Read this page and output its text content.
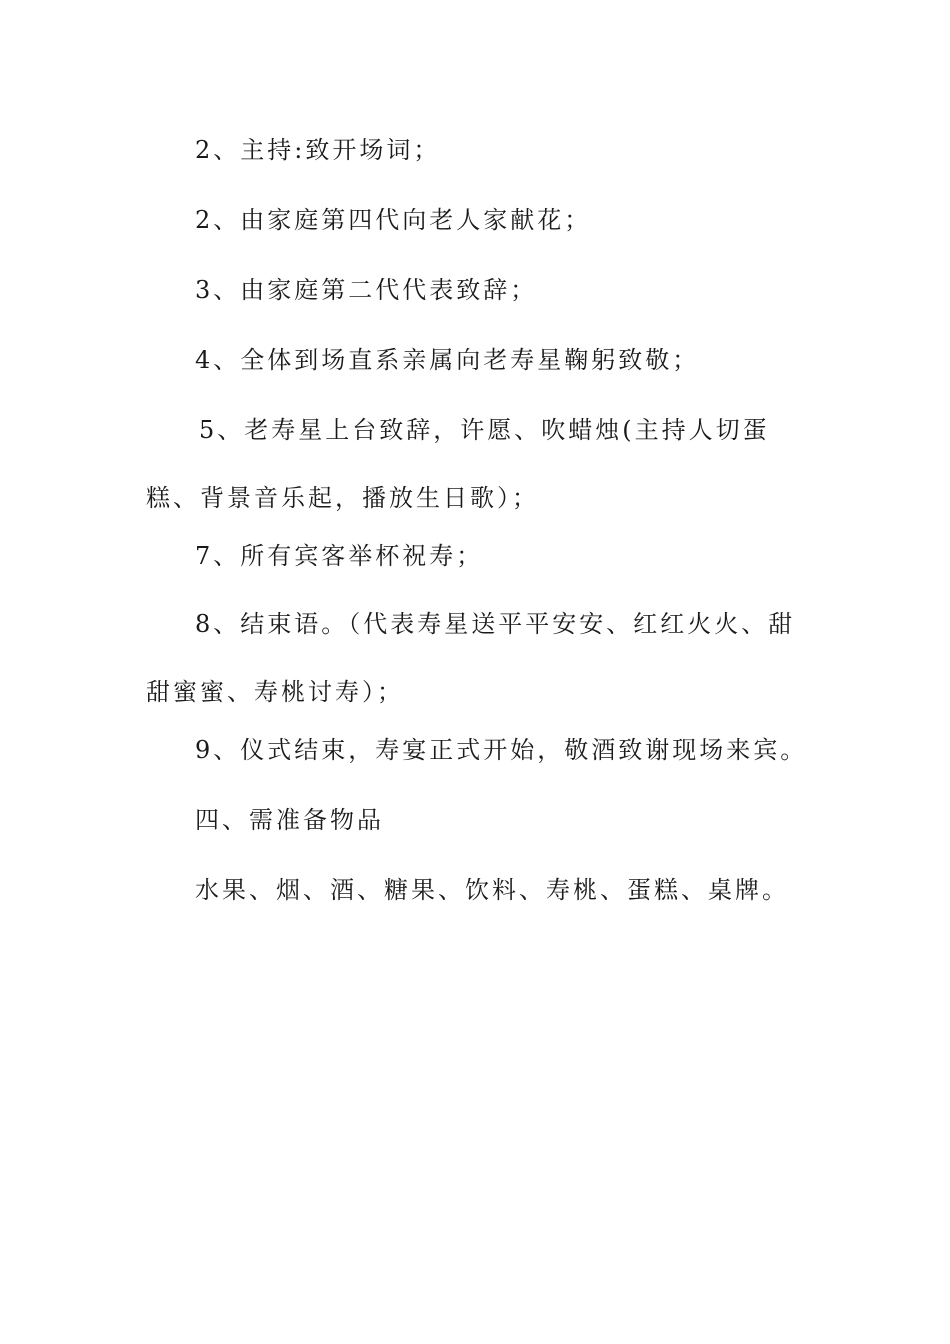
2、主持:致开场词；

2、由家庭第四代向老人家献花；

3、由家庭第二代代表致辞；

4、全体到场直系亲属向老寿星鞠躬致敬；

5、老寿星上台致辞，许愿、吹蜡烛(主持人切蛋糕、背景音乐起，播放生日歌）；

7、所有宾客举杯祝寿；

8、结束语。（代表寿星送平平安安、红红火火、甜甜蜜蜜、寿桃讨寿）；

9、仪式结束，寿宴正式开始，敬酒致谢现场来宾。

四、需准备物品

水果、烟、酒、糖果、饮料、寿桃、蛋糕、桌牌。
